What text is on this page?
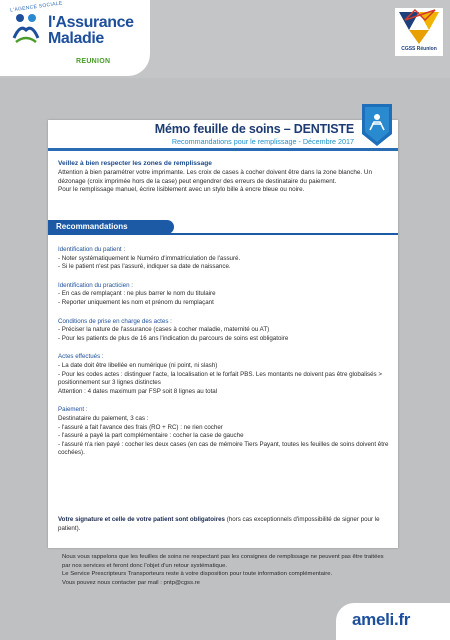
L'AGENCE SOCIALE
l'Assurance Maladie
REUNION
CGSS Réunion
Mémo feuille de soins – DENTISTE
Recommandations pour le remplissage - Décembre 2017
Veillez à bien respecter les zones de remplissage
Attention à bien paramétrer votre imprimante. Les croix de cases à cocher doivent être dans la zone blanche. Un dézonage (croix imprimée hors de la case) peut engendrer des erreurs de destinataire du paiement.
Pour le remplissage manuel, écrire lisiblement avec un stylo bille à encre bleue ou noire.
Recommandations
Identification du patient :
- Noter systématiquement le Numéro d'immatriculation de l'assuré.
- Si le patient n'est pas l'assuré, indiquer sa date de naissance.
Identification du practicien :
- En cas de remplaçant : ne plus barrer le nom du titulaire
- Reporter uniquement les nom et prénom du remplaçant
Conditions de prise en charge des actes :
- Préciser la nature de l'assurance (cases à cocher maladie, maternité ou AT)
- Pour les patients de plus de 16 ans l'indication du parcours de soins est obligatoire
Actes effectués :
- La date doit être libellée en numérique (ni point, ni slash)
- Pour les codes actes : distinguer l'acte, la localisation et le forfait PBS. Les montants ne doivent pas être globalisés > positionnement sur 3 lignes distinctes
Attention : 4 dates maximum par FSP soit 8 lignes au total
Paiement :
Destinataire du paiement, 3 cas :
- l'assuré a fait l'avance des frais (RO + RC) : ne rien cocher
- l'assuré a payé la part complémentaire : cocher la case de gauche
- l'assuré n'a rien payé : cocher les deux cases (en cas de mémoire Tiers Payant, toutes les feuilles de soins doivent être cochées).
Votre signature et celle de votre patient sont obligatoires (hors cas exceptionnels d'impossibilité de signer pour le patient).
Nous vous rappelons que les feuilles de soins ne respectant pas les consignes de remplissage ne peuvent pas être traitées par nos services et feront donc l'objet d'un retour systématique.
Le Service Prescripteurs Transporteurs reste à votre disposition pour toute information complémentaire.
Vous pouvez nous contacter par mail : pntp@cgss.re
ameli.fr
